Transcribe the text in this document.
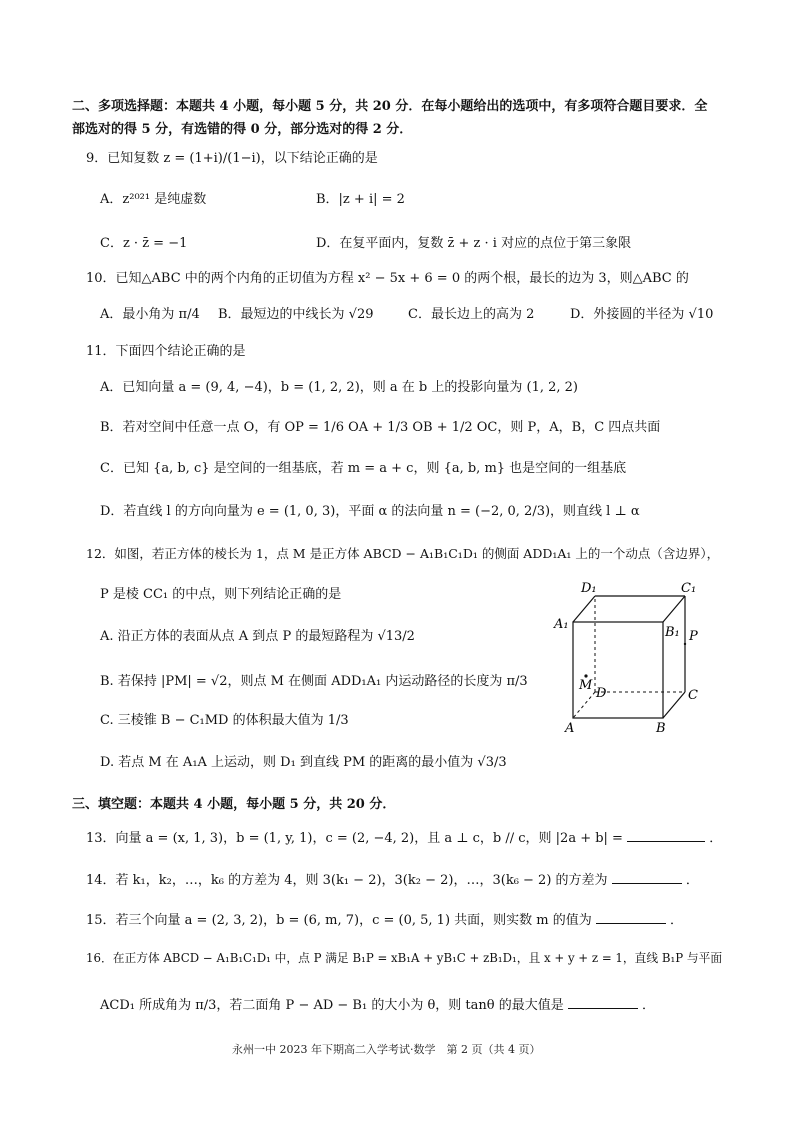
二、多项选择题：本题共 4 小题，每小题 5 分，共 20 分．在每小题给出的选项中，有多项符合题目要求．全
部选对的得 5 分，有选错的得 0 分，部分选对的得 2 分．
9．已知复数 z = (1+i)/(1−i)，以下结论正确的是
A．z²⁰²¹ 是纯虚数	B．|z + i| = 2
C．z · z̄ = −1	D．在复平面内，复数 z̄ + z · i 对应的点位于第三象限
10．已知△ABC 中的两个内角的正切值为方程 x² − 5x + 6 = 0 的两个根，最长的边为 3，则△ABC 的
A．最小角为 π/4 B．最短边的中线长为 √29	C．最长边上的高为 2	D．外接圆的半径为 √10
11．下面四个结论正确的是
A．已知向量 a = (9, 4, −4)，b = (1, 2, 2)，则 a 在 b 上的投影向量为 (1, 2, 2)
B．若对空间中任意一点 O，有 OP = 1/6 OA + 1/3 OB + 1/2 OC，则 P，A，B，C 四点共面
C．已知 {a, b, c} 是空间的一组基底，若 m = a + c，则 {a, b, m} 也是空间的一组基底
D．若直线 l 的方向向量为 e = (1, 0, 3)，平面 α 的法向量 n = (−2, 0, 2/3)，则直线 l ⊥ α
12．如图，若正方体的棱长为 1，点 M 是正方体 ABCD − A₁B₁C₁D₁ 的侧面 ADD₁A₁ 上的一个动点（含边界），
P 是棱 CC₁ 的中点，则下列结论正确的是
A. 沿正方体的表面从点 A 到点 P 的最短路程为 √13/2
B. 若保持 |PM| = √2，则点 M 在侧面 ADD₁A₁ 内运动路径的长度为 π/3
C. 三棱锥 B − C₁MD 的体积最大值为 1/3
D. 若点 M 在 A₁A 上运动，则 D₁ 到直线 PM 的距离的最小值为 √3/3
D₁	C₁
A₁
B₁ P
M
D	C
A	B
三、填空题：本题共 4 小题，每小题 5 分，共 20 分．
13．向量 a = (x, 1, 3)，b = (1, y, 1)，c = (2, −4, 2)，且 a ⊥ c，b // c，则 |2a + b| =	．
14．若 k₁，k₂，…，k₆ 的方差为 4，则 3(k₁ − 2)，3(k₂ − 2)，…，3(k₆ − 2) 的方差为	．
15．若三个向量 a = (2, 3, 2)，b = (6, m, 7)，c = (0, 5, 1) 共面，则实数 m 的值为	．
16．在正方体 ABCD − A₁B₁C₁D₁ 中，点 P 满足 B₁P = xB₁A + yB₁C + zB₁D₁，且 x + y + z = 1，直线 B₁P 与平面
ACD₁ 所成角为 π/3，若二面角 P − AD − B₁ 的大小为 θ，则 tanθ 的最大值是	．
永州一中 2023 年下期高二入学考试·数学　第 2 页（共 4 页）
